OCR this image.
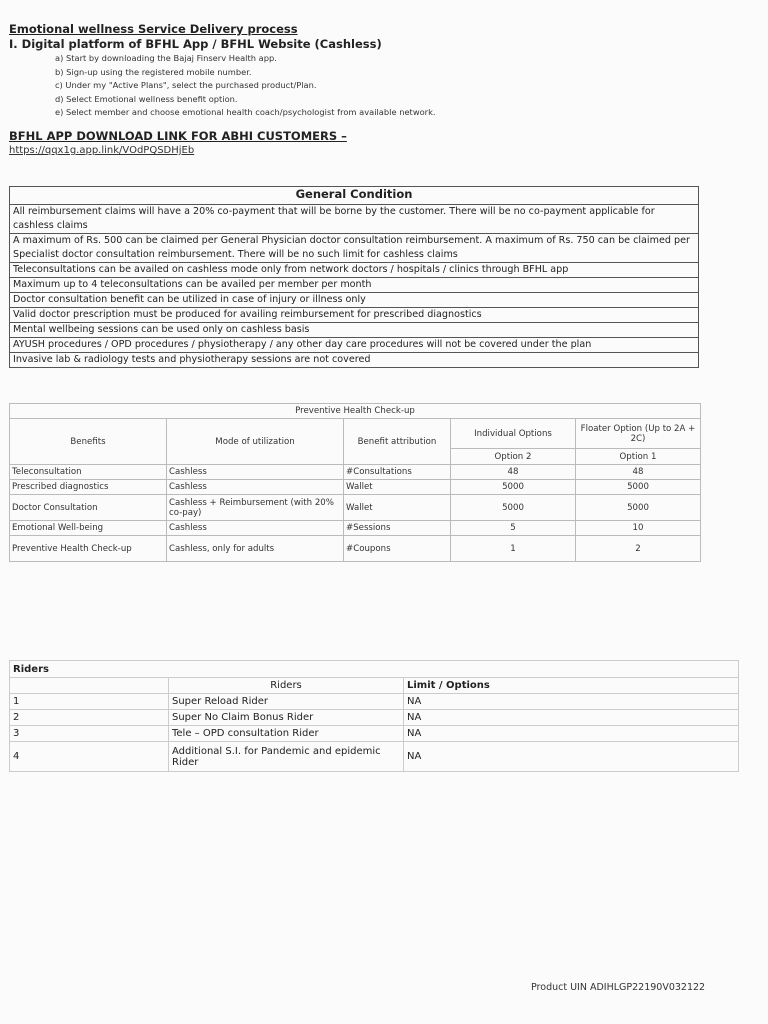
Emotional wellness Service Delivery process
I. Digital platform of BFHL App / BFHL Website (Cashless)
a) Start by downloading the Bajaj Finserv Health app.
b) Sign-up using the registered mobile number.
c) Under my "Active Plans", select the purchased product/Plan.
d) Select Emotional wellness benefit option.
e) Select member and choose emotional health coach/psychologist from available network.
BFHL APP DOWNLOAD LINK FOR ABHI CUSTOMERS –
https://qqx1g.app.link/VOdPQSDHjEb
General Condition
All reimbursement claims will have a 20% co-payment that will be borne by the customer. There will be no co-payment applicable for cashless claims
A maximum of Rs. 500 can be claimed per General Physician doctor consultation reimbursement. A maximum of Rs. 750 can be claimed per Specialist doctor consultation reimbursement. There will be no such limit for cashless claims
Teleconsultations can be availed on cashless mode only from network doctors / hospitals / clinics through BFHL app
Maximum up to 4 teleconsultations can be availed per member per month
Doctor consultation benefit can be utilized in case of injury or illness only
Valid doctor prescription must be produced for availing reimbursement for prescribed diagnostics
Mental wellbeing sessions can be used only on cashless basis
AYUSH procedures / OPD procedures / physiotherapy / any other day care procedures will not be covered under the plan
Invasive lab & radiology tests and physiotherapy sessions are not covered
Preventive Health Check-up				
Benefits	Mode of utilization	Benefit attribution	Individual Options	Floater Option (Up to 2A + 2C)
			Option 2	Option 1
Teleconsultation	Cashless	#Consultations	48	48
Prescribed diagnostics	Cashless	Wallet	5000	5000
Doctor Consultation	Cashless + Reimbursement (with 20% co-pay)	Wallet	5000	5000
Emotional Well-being	Cashless	#Sessions	5	10
Preventive Health Check-up	Cashless, only for adults	#Coupons	1	2
Riders		
	Riders	Limit / Options
1	Super Reload Rider	NA
2	Super No Claim Bonus Rider	NA
3	Tele – OPD consultation Rider	NA
4	Additional S.I. for Pandemic and epidemic Rider	NA
Product UIN ADIHLGP22190V032122
